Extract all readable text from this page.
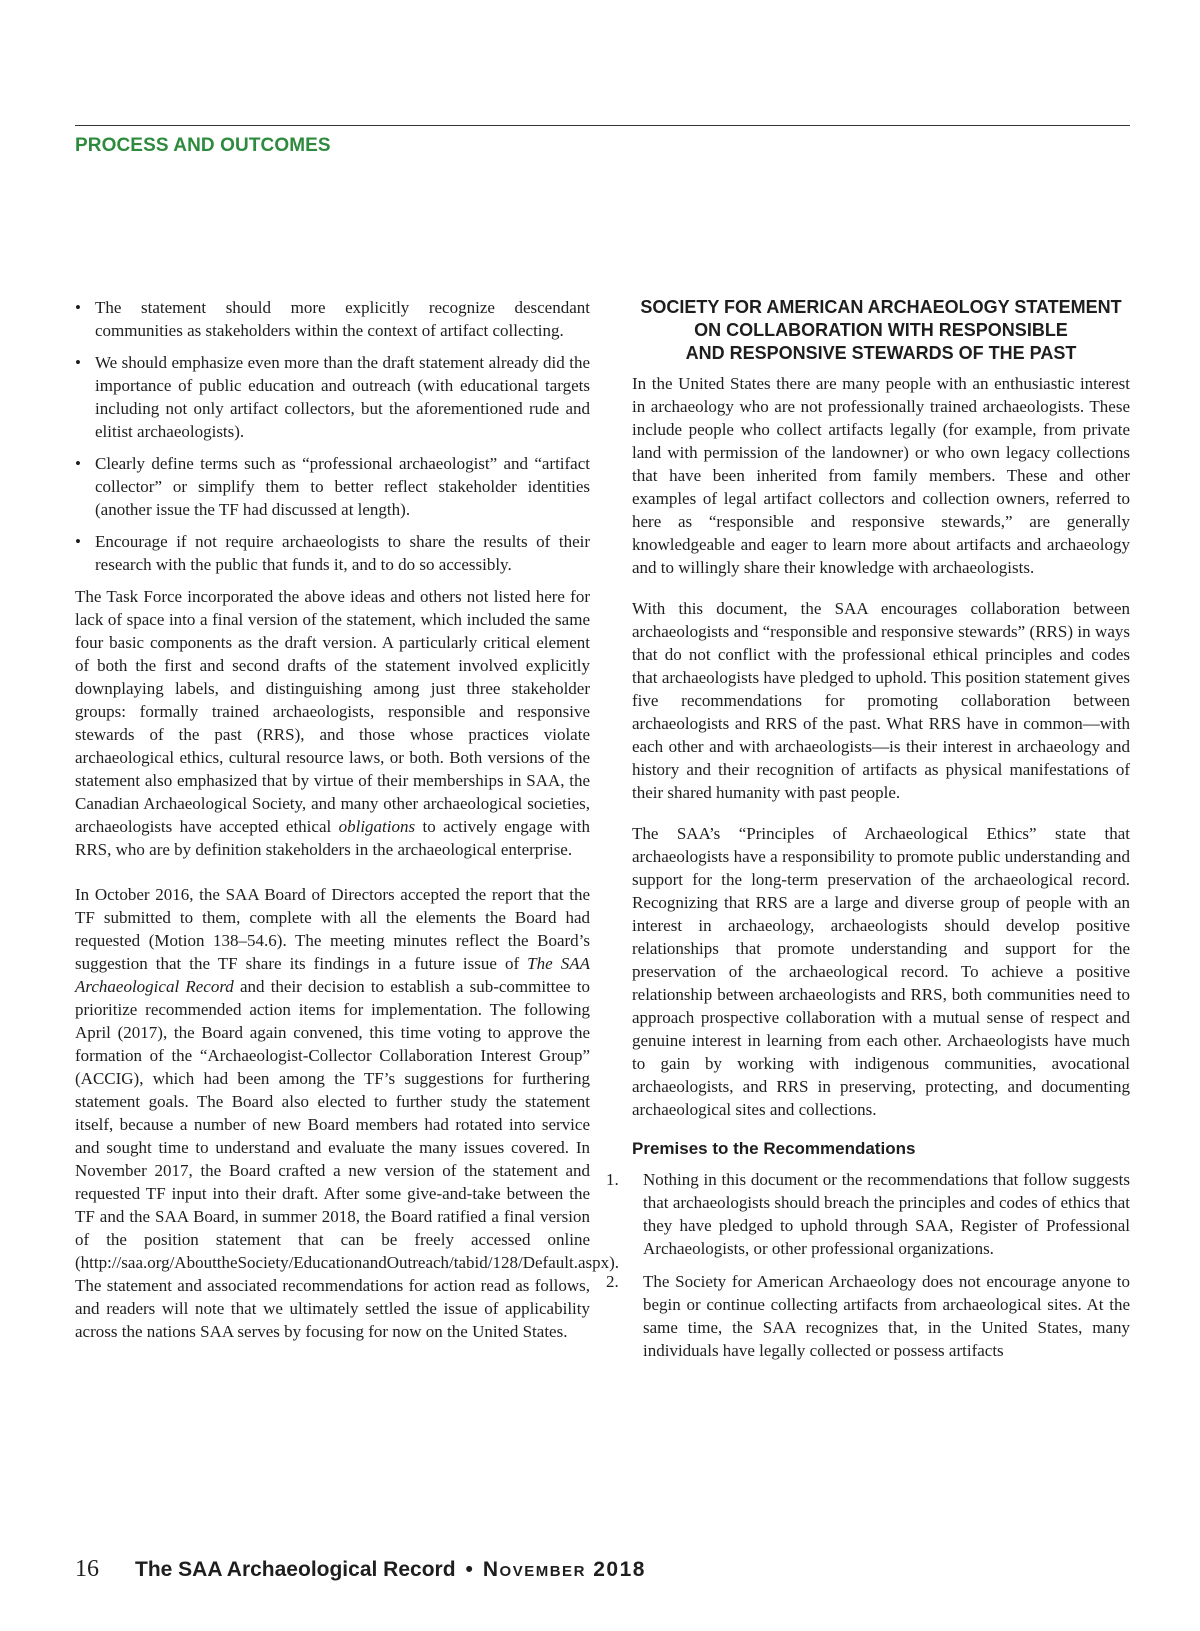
PROCESS AND OUTCOMES
• The statement should more explicitly recognize descendant communities as stakeholders within the context of artifact collecting.
• We should emphasize even more than the draft statement already did the importance of public education and outreach (with educational targets including not only artifact collectors, but the aforementioned rude and elitist archaeologists).
• Clearly define terms such as “professional archaeologist” and “artifact collector” or simplify them to better reflect stakeholder identities (another issue the TF had discussed at length).
• Encourage if not require archaeologists to share the results of their research with the public that funds it, and to do so accessibly.

The Task Force incorporated the above ideas and others not listed here for lack of space into a final version of the statement, which included the same four basic components as the draft version. A particularly critical element of both the first and second drafts of the statement involved explicitly downplaying labels, and distinguishing among just three stakeholder groups: formally trained archaeologists, responsible and responsive stewards of the past (RRS), and those whose practices violate archaeological ethics, cultural resource laws, or both. Both versions of the statement also emphasized that by virtue of their memberships in SAA, the Canadian Archaeological Society, and many other archaeological societies, archaeologists have accepted ethical obligations to actively engage with RRS, who are by definition stakeholders in the archaeological enterprise.

In October 2016, the SAA Board of Directors accepted the report that the TF submitted to them, complete with all the elements the Board had requested (Motion 138–54.6). The meeting minutes reflect the Board’s suggestion that the TF share its findings in a future issue of The SAA Archaeological Record and their decision to establish a sub-committee to prioritize recommended action items for implementation. The following April (2017), the Board again convened, this time voting to approve the formation of the “Archaeologist-Collector Collaboration Interest Group” (ACCIG), which had been among the TF’s suggestions for furthering statement goals. The Board also elected to further study the statement itself, because a number of new Board members had rotated into service and sought time to understand and evaluate the many issues covered. In November 2017, the Board crafted a new version of the statement and requested TF input into their draft. After some give-and-take between the TF and the SAA Board, in summer 2018, the Board ratified a final version of the position statement that can be freely accessed online (http://saa.org/AbouttheSociety/EducationandOutreach/tabid/128/Default.aspx). The statement and associated recommendations for action read as follows, and readers will note that we ultimately settled the issue of applicability across the nations SAA serves by focusing for now on the United States.

SOCIETY FOR AMERICAN ARCHAEOLOGY STATEMENT
ON COLLABORATION WITH RESPONSIBLE
AND RESPONSIVE STEWARDS OF THE PAST

In the United States there are many people with an enthusiastic interest in archaeology who are not professionally trained archaeologists. These include people who collect artifacts legally (for example, from private land with permission of the landowner) or who own legacy collections that have been inherited from family members. These and other examples of legal artifact collectors and collection owners, referred to here as “responsible and responsive stewards,” are generally knowledgeable and eager to learn more about artifacts and archaeology and to willingly share their knowledge with archaeologists.

With this document, the SAA encourages collaboration between archaeologists and “responsible and responsive stewards” (RRS) in ways that do not conflict with the professional ethical principles and codes that archaeologists have pledged to uphold. This position statement gives five recommendations for promoting collaboration between archaeologists and RRS of the past. What RRS have in common—with each other and with archaeologists—is their interest in archaeology and history and their recognition of artifacts as physical manifestations of their shared humanity with past people.

The SAA’s “Principles of Archaeological Ethics” state that archaeologists have a responsibility to promote public understanding and support for the long-term preservation of the archaeological record. Recognizing that RRS are a large and diverse group of people with an interest in archaeology, archaeologists should develop positive relationships that promote understanding and support for the preservation of the archaeological record. To achieve a positive relationship between archaeologists and RRS, both communities need to approach prospective collaboration with a mutual sense of respect and genuine interest in learning from each other. Archaeologists have much to gain by working with indigenous communities, avocational archaeologists, and RRS in preserving, protecting, and documenting archaeological sites and collections.

Premises to the Recommendations
1. Nothing in this document or the recommendations that follow suggests that archaeologists should breach the principles and codes of ethics that they have pledged to uphold through SAA, Register of Professional Archaeologists, or other professional organizations.
2. The Society for American Archaeology does not encourage anyone to begin or continue collecting artifacts from archaeological sites. At the same time, the SAA recognizes that, in the United States, many individuals have legally collected or possess artifacts
16 The SAA Archaeological Record • November 2018
